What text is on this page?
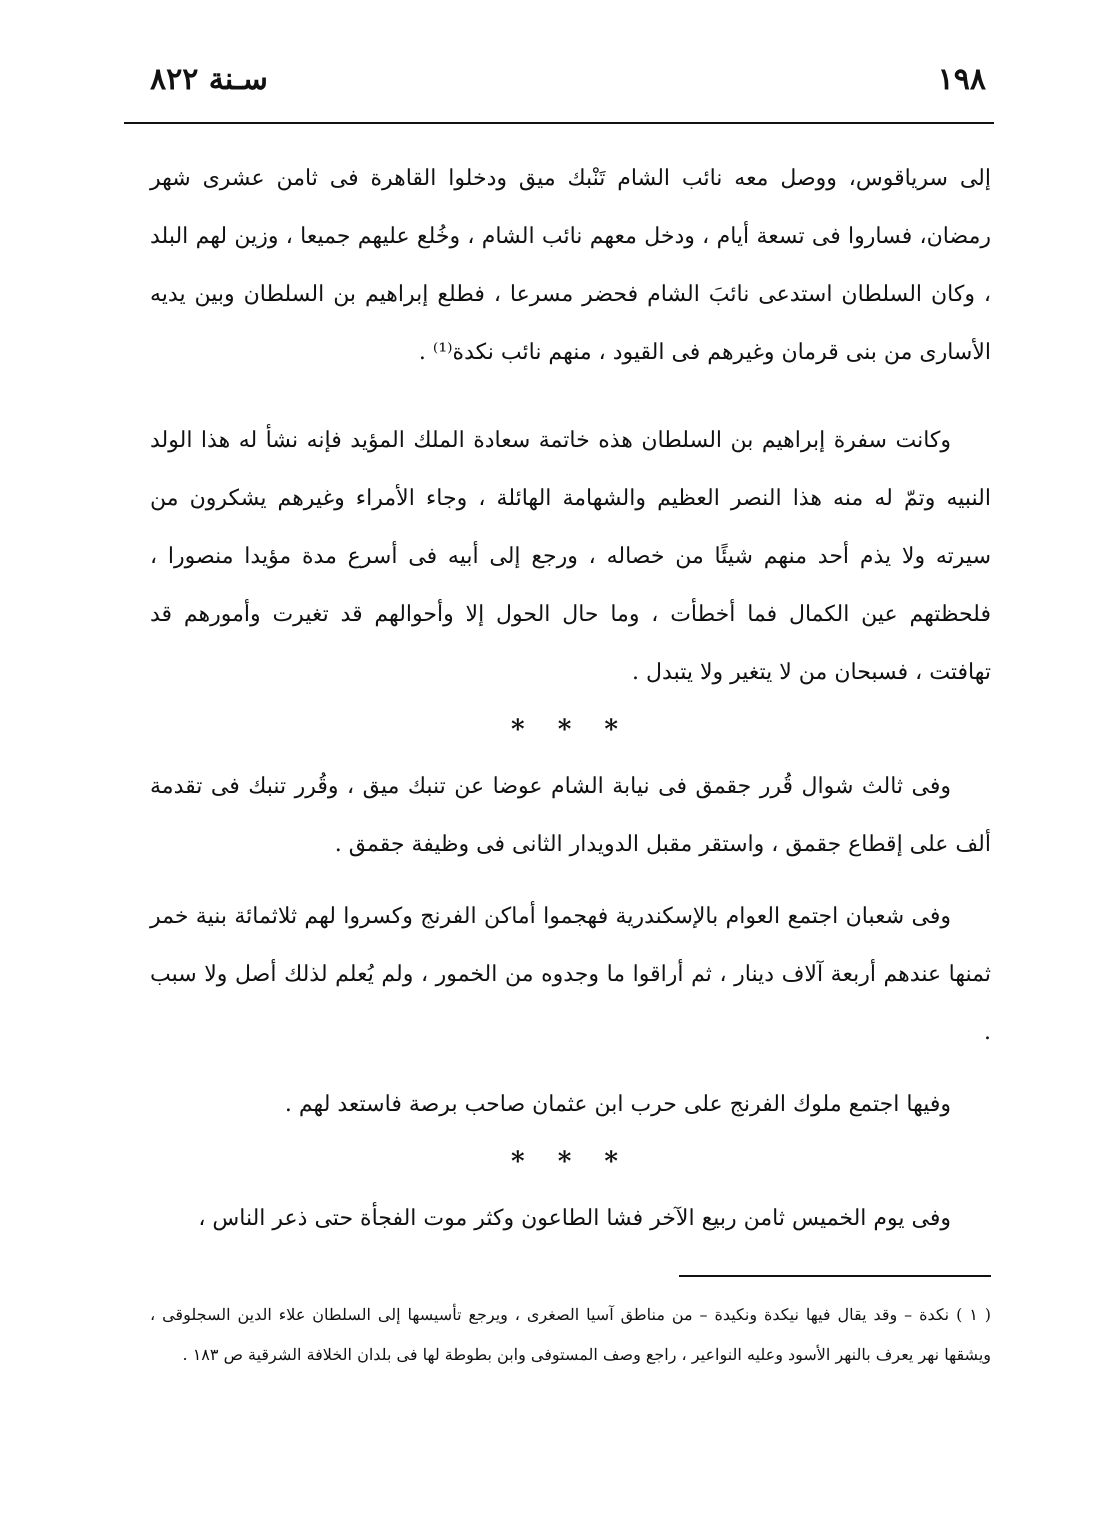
١٩٨
سـنة ٨٢٢

إلى سرياقوس، ووصل معه نائب الشام تَنْبك ميق ودخلوا القاهرة فى ثامن عشرى شهر رمضان، فساروا فى تسعة أيام ، ودخل معهم نائب الشام ، وخُلع عليهم جميعا ، وزين لهم البلد ، وكان السلطان استدعى نائبَ الشام فحضر مسرعا ، فطلع إبراهيم بن السلطان وبين يديه الأسارى من بنى قرمان وغيرهم فى القيود ، منهم نائب نكدة⁽¹⁾ .

وكانت سفرة إبراهيم بن السلطان هذه خاتمة سعادة الملك المؤيد فإنه نشأ له هذا الولد النبيه وتمّ له منه هذا النصر العظيم والشهامة الهائلة ، وجاء الأمراء وغيرهم يشكرون من سيرته ولا يذم أحد منهم شيئًا من خصاله ، ورجع إلى أبيه فى أسرع مدة مؤيدا منصورا ، فلحظتهم عين الكمال فما أخطأت ، وما حال الحول إلا وأحوالهم قد تغيرت وأمورهم قد تهافتت ، فسبحان من لا يتغير ولا يتبدل .

* * *

وفى ثالث شوال قُرر جقمق فى نيابة الشام عوضا عن تنبك ميق ، وقُرر تنبك فى تقدمة ألف على إقطاع جقمق ، واستقر مقبل الدويدار الثانى فى وظيفة جقمق .

وفى شعبان اجتمع العوام بالإسكندرية فهجموا أماكن الفرنج وكسروا لهم ثلاثمائة بنية خمر ثمنها عندهم أربعة آلاف دينار ، ثم أراقوا ما وجدوه من الخمور ، ولم يُعلم لذلك أصل ولا سبب .

وفيها اجتمع ملوك الفرنج على حرب ابن عثمان صاحب برصة فاستعد لهم .

* * *

وفى يوم الخميس ثامن ربيع الآخر فشا الطاعون وكثر موت الفجأة حتى ذعر الناس ،

( ١ ) نكدة – وقد يقال فيها نيكدة ونكيدة – من مناطق آسيا الصغرى ، ويرجع تأسيسها إلى السلطان علاء الدين السجلوقى ، ويشقها نهر يعرف بالنهر الأسود وعليه النواعير ، راجع وصف المستوفى وابن بطوطة لها فى بلدان الخلافة الشرقية ص ١٨٣ .
